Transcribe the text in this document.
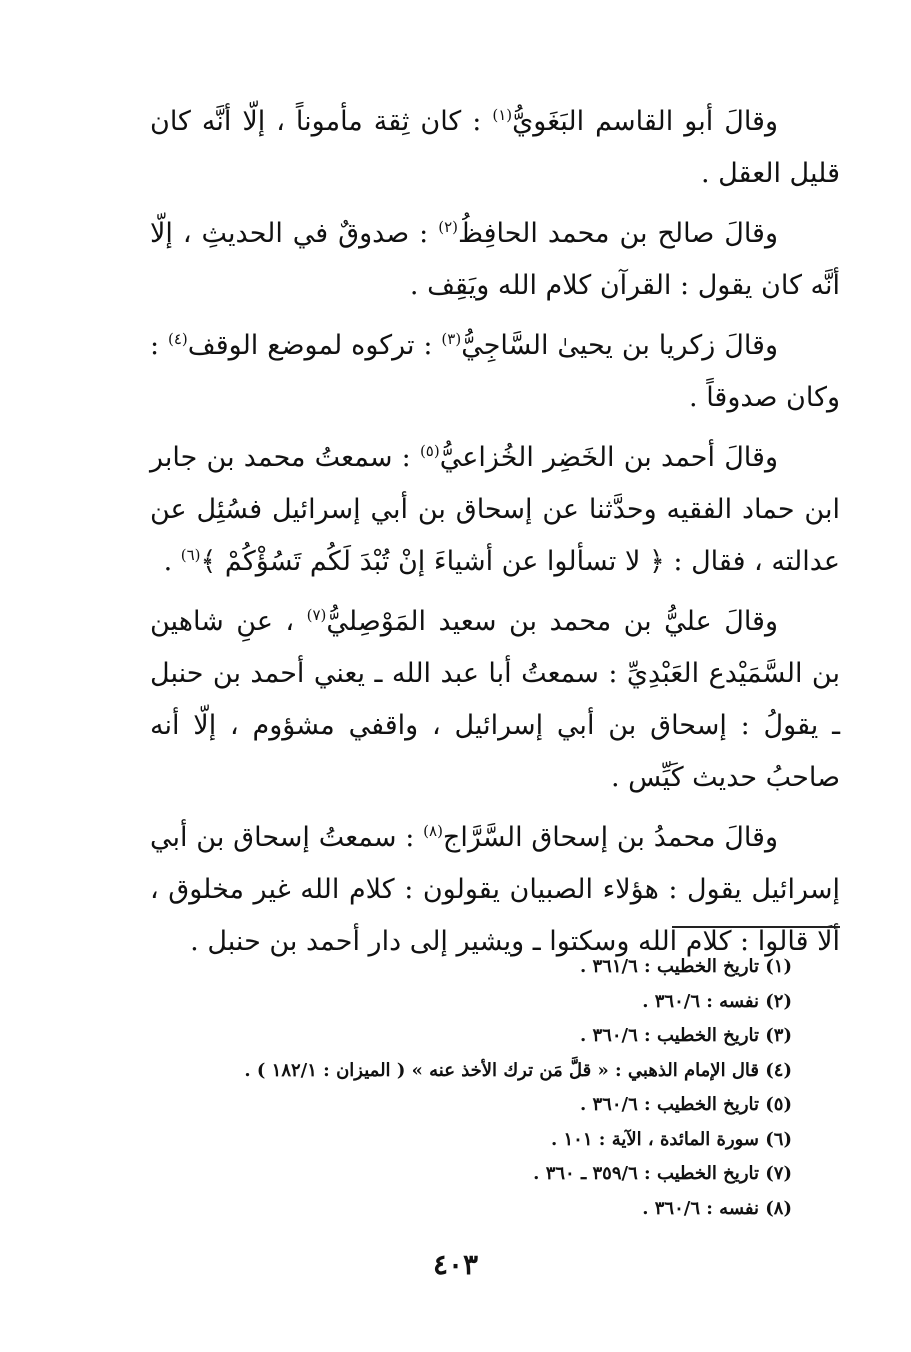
وقالَ أبو القاسم البَغَويُّ$^{(١)}$ : كان ثِقة مأموناً ، إلّا أنَّه كان قليل العقل .

وقالَ صالح بن محمد الحافِظُ$^{(٢)}$ : صدوقٌ في الحديثِ ، إلّا أنَّه كان يقول : القرآن كلام الله ويَقِف .

وقالَ زكريا بن يحيىٰ السَّاجِيُّ$^{(٣)}$ : تركوه لموضع الوقف$^{(٤)}$ : وكان صدوقاً .

وقالَ أحمد بن الخَضِر الخُزاعيُّ$^{(٥)}$ : سمعتُ محمد بن جابر ابن حماد الفقيه وحدَّثنا عن إسحاق بن أبي إسرائيل فسُئِل عن عدالته ، فقال : ﴿ لا تسألوا عن أشياءَ إنْ تُبْدَ لَكُم تَسُؤْكُمْ ﴾$^{(٦)}$ .

وقالَ عليُّ بن محمد بن سعيد المَوْصِليُّ$^{(٧)}$ ، عنِ شاهين بن السَّمَيْدع العَبْدِيِّ : سمعتُ أبا عبد الله ـ يعني أحمد بن حنبل ـ يقولُ : إسحاق بن أبي إسرائيل ، واقفي مشؤوم ، إلّا أنه صاحبُ حديث كَيِّس .

وقالَ محمدُ بن إسحاق السَّرَّاج$^{(٨)}$ : سمعتُ إسحاق بن أبي إسرائيل يقول : هؤلاء الصبيان يقولون : كلام الله غير مخلوق ، ألَا قالوا : كلام الله وسكتوا ـ ويشير إلى دار أحمد بن حنبل .

(١) تاريخ الخطيب : ٣٦١/٦ .

(٢) نفسه : ٣٦٠/٦ .

(٣) تاريخ الخطيب : ٣٦٠/٦ .

(٤) قال الإمام الذهبي : « قلَّ مَن ترك الأخذ عنه » ( الميزان : ١٨٢/١ ) .

(٥) تاريخ الخطيب : ٣٦٠/٦ .

(٦) سورة المائدة ، الآية : ١٠١ .

(٧) تاريخ الخطيب : ٣٥٩/٦ ـ ٣٦٠ .

(٨) نفسه : ٣٦٠/٦ .

٤٠٣
